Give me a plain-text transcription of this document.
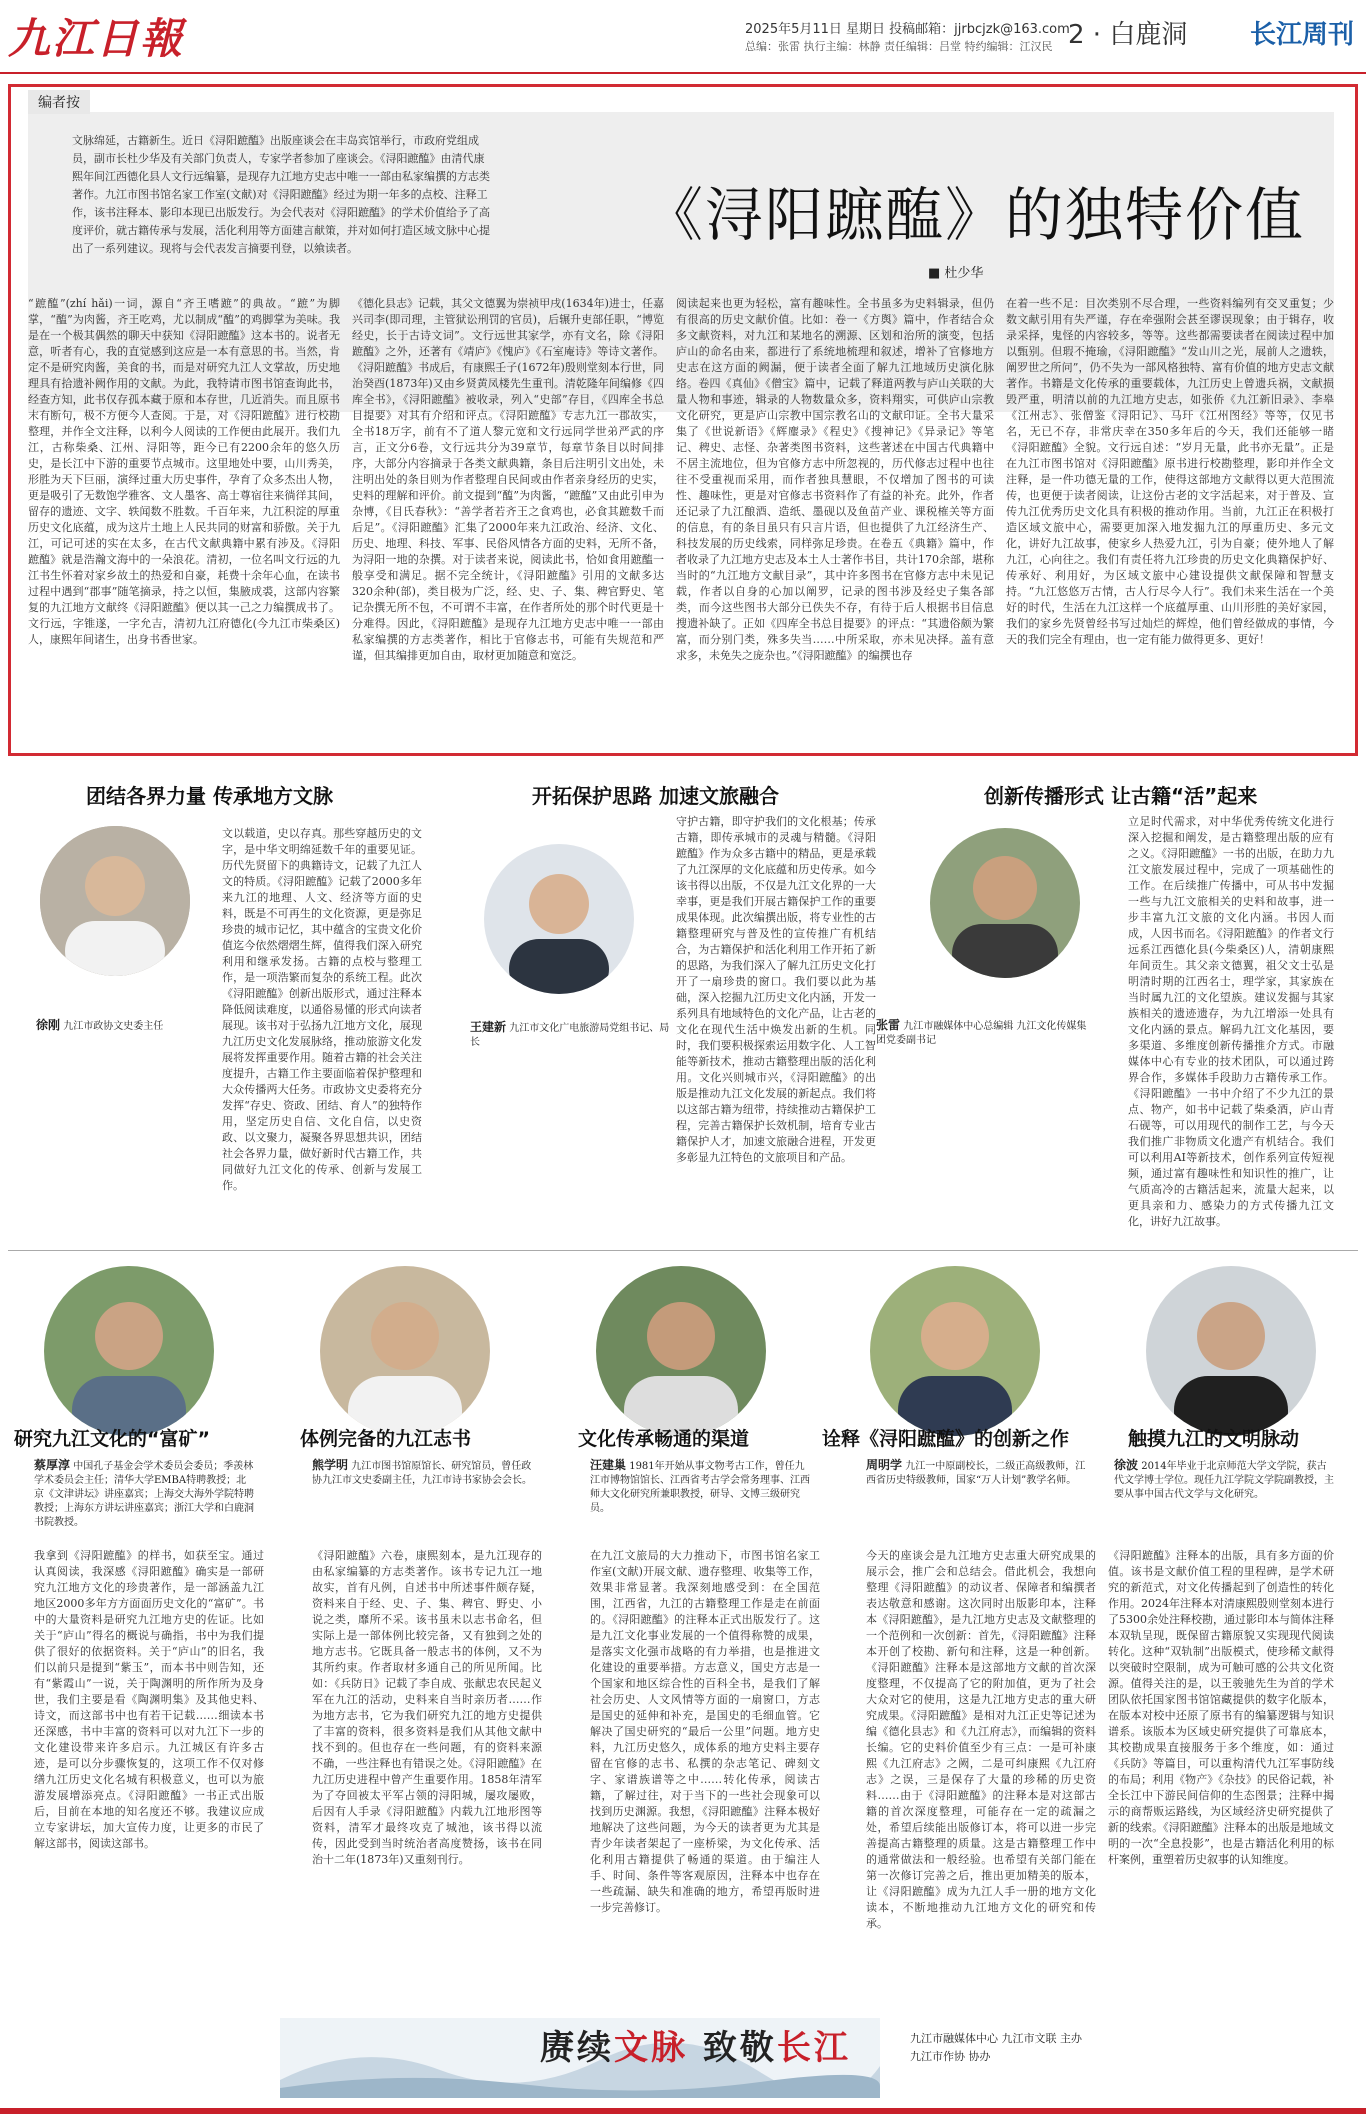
九江日報	2025年5月11日 星期日 投稿邮箱：jjrbcjzk@163.com
总编：张雷 执行主编：林静 责任编辑：吕堂 特约编辑：江汉民 2 · 白鹿洞 长江周刊
编者按
文脉绵延，古籍新生。近日《浔阳蹠醢》出版座谈会在丰岛宾馆举行，市政府党组成员，副市长杜少华及有关部门负责人，专家学者参加了座谈会。《浔阳蹠醢》由清代康熙年间江西德化县人文行远编纂，是现存九江地方史志中唯一一部由私家编撰的方志类著作。九江市图书馆名家工作室(文献)对《浔阳蹠醢》经过为期一年多的点校、注释工作，该书注释本、影印本现已出版发行。为会代表对《浔阳蹠醢》的学术价值给予了高度评价，就古籍传承与发展，活化利用等方面建言献策，并对如何打造区域文脉中心提出了一系列建议。现将与会代表发言摘要刊登，以飨读者。	《浔阳蹠醢》的独特价值
■ 杜少华
“蹠醢”(zhí hǎi)一词，源自“齐王嗜蹠”的典故。“蹠”为脚掌，“醢”为肉酱，齐王吃鸡，尤以制成“醢”的鸡脚掌为美味。我是在一个极其偶然的聊天中获知《浔阳蹠醢》这本书的。说者无意，听者有心，我的直觉感到这应是一本有意思的书。当然，肯定不是研究肉酱，美食的书，而是对研究九江人文掌故，历史地理具有拾遗补阙作用的文献。为此，我特请市图书馆查询此书，经查方知，此书仅存孤本藏于原和本存世，几近消失。而且原书末有断句，极不方便今人查阅。于是，对《浔阳蹠醢》进行校勘整理，并作全文注释，以利今人阅读的工作便由此展开。我们九江，古称柴桑、江州、浔阳等，距今已有2200余年的悠久历史，是长江中下游的重要节点城市。这里地处中要，山川秀美，形胜为天下巨丽，演绎过重大历史事件，孕育了众多杰出人物，更是吸引了无数饱学雅客、文人墨客、高士尊宿往来徜徉其间，留存的遗迹、文字、轶闻数不胜数。千百年来，九江积淀的厚重历史文化底蕴，成为这片土地上人民共同的财富和骄傲。关于九江，可记可述的实在太多，在古代文献典籍中累有涉及。《浔阳蹠醢》就是浩瀚文海中的一朵浪花。清初，一位名叫文行远的九江书生怀着对家乡故土的热爱和自豪，耗费十余年心血，在读书过程中遇到“郡事”随笔摘录，持之以恒，集腋成裘，这部内容繁复的九江地方文献终《浔阳蹠醢》便以其一己之力编撰成书了。文行远，字锥遂，一字允吉，清初九江府德化(今九江市柴桑区)人，康熙年间诸生，出身书香世家。
《德化县志》记载，其父文德翼为崇祯甲戌(1634年)进士，任嘉兴司李(即司理，主管狱讼刑罚的官员)，后辗升吏部任职，“博览经史，长于古诗文词”。文行远世其家学，亦有文名，除《浔阳蹠醢》之外，还著有《靖庐》《愧庐》《石室庵诗》等诗文著作。《浔阳蹠醢》书成后，有康熙壬子(1672年)殷则堂刻本行世，同治癸酉(1873年)又由乡贤黄凤楼先生重刊。清乾隆年间编修《四库全书》，《浔阳蹠醢》被收录，列入“史部”存目，《四库全书总目提要》对其有介绍和评点。《浔阳蹠醢》专志九江一郡故实，全书18万字，前有不了道人黎元宽和文行远同学世弟严武的序言，正文分6卷，文行远共分为39章节，每章节条目以时间排序，大部分内容摘录于各类文献典籍，条目后注明引文出处，未注明出处的条目则为作者整理自民间或由作者亲身经历的史实，史料的理解和评价。前文提到“醢”为肉酱，“蹠醢”又由此引申为杂博，《目氏春秋》：“善学者若齐王之食鸡也，必食其蹠数千而后足”。《浔阳蹠醢》汇集了2000年来九江政治、经济、文化、历史、地理、科技、军事、民俗风情各方面的史料，无所不备，为浔阳一地的杂撰。对于读者来说，阅读此书，恰如食用蹠醢一般享受和满足。据不完全统计，《浔阳蹠醢》引用的文献多达320余种(部)，类目极为广泛，经、史、子、集、稗官野史、笔记杂撰无所不包，不可谓不丰富，在作者所处的那个时代更是十分难得。因此，《浔阳蹠醢》是现存九江地方史志中唯一一部由私家编撰的方志类著作，相比于官修志书，可能有失规范和严谨，但其编排更加自由，取材更加随意和宽泛。
阅读起来也更为轻松，富有趣味性。全书虽多为史料辑录，但仍有很高的历史文献价值。比如：卷一《方舆》篇中，作者结合众多文献资料，对九江和某地名的溯源、区划和治所的演变，包括庐山的命名由来，都进行了系统地梳理和叙述，增补了官修地方史志在这方面的阙漏，便于读者全面了解九江地域历史演化脉络。卷四《真仙》《僧宝》篇中，记载了释道两教与庐山关联的大量人物和事迹，辑录的人物数量众多，资料翔实，可供庐山宗教文化研究，更是庐山宗教中国宗教名山的文献印证。全书大量采集了《世说新语》《辉麈录》《程史》《搜神记》《异录记》等笔记、稗史、志怪、杂著类图书资料，这些著述在中国古代典籍中不居主流地位，但为官修方志中所忽视的，历代修志过程中也往往不受重视而采用，而作者独具慧眼，不仅增加了图书的可读性、趣味性，更是对官修志书资料作了有益的补充。此外，作者还记录了九江酿酒、造纸、墨砚以及鱼苗产业、课税榷关等方面的信息，有的条目虽只有只言片语，但也提供了九江经济生产、科技发展的历史线索，同样弥足珍贵。在卷五《典籍》篇中，作者收录了九江地方史志及本土人士著作书目，共计170余部，堪称当时的“九江地方文献目录”，其中许多图书在官修方志中未见记载，作者以自身的心加以阐罗，记录的图书涉及经史子集各部类，而今这些图书大部分已佚失不存，有待于后人根据书目信息搜遗补缺了。正如《四库全书总目提要》的评点：“其遗俗颇为繁富，而分别门类，殊多失当……中所采取，亦未见决择。盖有意求多，未免失之庞杂也。”《浔阳蹠醢》的编撰也存
在着一些不足：目次类别不尽合理，一些资料编列有交叉重复；少数文献引用有失严谨，存在牵强附会甚至谬误现象；由于辑存，收录采择，鬼怪的内容较多，等等。这些都需要读者在阅读过程中加以甄别。但瑕不掩瑜，《浔阳蹠醢》“发山川之光，展前人之遗轶，阐罗世之所问”，仍不失为一部风格独特、富有价值的地方史志文献著作。书籍是文化传承的重要载体，九江历史上曾遗兵祸，文献损毁严重，明清以前的九江地方史志，如张侨《九江新旧录》、李皋《江州志》、张僧鉴《浔阳记》、马玕《江州图经》等等，仅见书名，无已不存，非常庆幸在350多年后的今天，我们还能够一睹《浔阳蹠醢》全貌。文行远自述：“岁月无量，此书亦无量”。正是在九江市图书馆对《浔阳蹠醢》原书进行校勘整理，影印并作全文注释，是一件功德无量的工作，使得这部地方文献得以更大范围流传，也更便于读者阅读，让这份古老的文字活起来，对于普及、宣传九江优秀历史文化具有积极的推动作用。当前，九江正在积极打造区域文旅中心，需要更加深入地发掘九江的厚重历史、多元文化，讲好九江故事，使家乡人热爱九江，引为自豪；使外地人了解九江，心向往之。我们有责任将九江珍贵的历史文化典籍保护好、传承好、利用好，为区域文旅中心建设提供文献保障和智慧支持。“九江悠悠万古情，古人行尽今人行”。我们未来生活在一个美好的时代，生活在九江这样一个底蕴厚重、山川形胜的美好家园，我们的家乡先贤曾经书写过灿烂的辉煌，他们曾经做成的事情，今天的我们完全有理由，也一定有能力做得更多、更好！
团结各界力量 传承地方文脉
徐刚 九江市政协文史委主任
文以载道，史以存真。那些穿越历史的文字，是中华文明绵延数千年的重要见证。历代先贤留下的典籍诗文，记载了九江人文的特质。《浔阳蹠醢》记载了2000多年来九江的地理、人文、经济等方面的史料，既是不可再生的文化资源，更是弥足珍贵的城市记忆，其中蕴含的宝贵文化价值迄今依然熠熠生辉，值得我们深入研究利用和继承发扬。古籍的点校与整理工作，是一项浩繁而复杂的系统工程。此次《浔阳蹠醢》创新出版形式，通过注释本降低阅读难度，以通俗易懂的形式向读者展现。该书对于弘扬九江地方文化，展现九江历史文化发展脉络，推动旅游文化发展将发挥重要作用。随着古籍的社会关注度提升，古籍工作主要面临着保护整理和大众传播两大任务。市政协文史委将充分发挥“存史、资政、团结、育人”的独特作用，坚定历史自信、文化自信，以史资政、以文聚力，凝聚各界思想共识，团结社会各界力量，做好新时代古籍工作，共同做好九江文化的传承、创新与发展工作。
开拓保护思路 加速文旅融合
王建新 九江市文化广电旅游局党组书记、局长
守护古籍，即守护我们的文化根基；传承古籍，即传承城市的灵魂与精髓。《浔阳蹠醢》作为众多古籍中的精品，更是承载了九江深厚的文化底蕴和历史传承。如今该书得以出版，不仅是九江文化界的一大幸事，更是我们开展古籍保护工作的重要成果体现。此次编撰出版，将专业性的古籍整理研究与普及性的宣传推广有机结合，为古籍保护和活化利用工作开拓了新的思路，为我们深入了解九江历史文化打开了一扇珍贵的窗口。我们要以此为基础，深入挖掘九江历史文化内涵，开发一系列具有地域特色的文化产品，让古老的文化在现代生活中焕发出新的生机。同时，我们要积极探索运用数字化、人工智能等新技术，推动古籍整理出版的活化利用。文化兴则城市兴，《浔阳蹠醢》的出版是推动九江文化发展的新起点。我们将以这部古籍为纽带，持续推动古籍保护工程，完善古籍保护长效机制，培育专业古籍保护人才，加速文旅融合进程，开发更多彰显九江特色的文旅项目和产品。
创新传播形式 让古籍“活”起来
张雷 九江市融媒体中心总编辑 九江文化传媒集团党委副书记
立足时代需求，对中华优秀传统文化进行深入挖掘和阐发，是古籍整理出版的应有之义。《浔阳蹠醢》一书的出版，在助力九江文旅发展过程中，完成了一项基础性的工作。在后续推广传播中，可从书中发掘一些与九江文旅相关的史料和故事，进一步丰富九江文旅的文化内涵。书因人而成，人因书而名。《浔阳蹠醢》的作者文行远系江西德化县(今柴桑区)人，清朝康熙年间贡生。其父亲文德翼，祖父文士弘是明清时期的江西名士，理学家，其家族在当时属九江的文化望族。建议发掘与其家族相关的遗迹遗存，为九江增添一处具有文化内涵的景点。解码九江文化基因，要多渠道、多维度创新传播推介方式。市融媒体中心有专业的技术团队，可以通过跨界合作，多媒体手段助力古籍传承工作。《浔阳蹠醢》一书中介绍了不少九江的景点、物产，如书中记载了柴桑酒，庐山青石砚等，可以用现代的制作工艺，与今天我们推广非物质文化遗产有机结合。我们可以利用AI等新技术，创作系列宣传短视频，通过富有趣味性和知识性的推广，让气质高冷的古籍活起来，流量大起来，以更具亲和力、感染力的方式传播九江文化，讲好九江故事。
研究九江文化的“富矿”	体例完备的九江志书	文化传承畅通的渠道	诠释《浔阳蹠醢》的创新之作	触摸九江的文明脉动
蔡厚淳 中国孔子基金会学术委员会委员；季羡林学术委员会主任；清华大学EMBA特聘教授；北京《文津讲坛》讲座嘉宾；上海交大海外学院特聘教授；上海东方讲坛讲座嘉宾；浙江大学和白鹿洞书院教授。
熊学明 九江市图书馆原馆长、研究馆员，曾任政协九江市文史委副主任，九江市诗书家协会会长。
汪建巢 1981年开始从事文物考古工作，曾任九江市博物馆馆长、江西省考古学会常务理事、江西师大文化研究所兼职教授，研导、文博三级研究员。
周明学 九江一中原副校长，二级正高级教师，江西省历史特级教师，国家“万人计划”教学名师。
徐波 2014年毕业于北京师范大学文学院，获古代文学博士学位。现任九江学院文学院副教授，主要从事中国古代文学与文化研究。
我拿到《浔阳蹠醢》的样书，如获至宝。通过认真阅读，我深感《浔阳蹠醢》确实是一部研究九江地方文化的珍贵著作，是一部涵盖九江地区2000多年方方面面历史文化的“富矿”。书中的大量资料是研究九江地方史的佐证。比如关于“庐山”得名的概说与确指，书中为我们提供了很好的依据资料。关于“庐山”的旧名，我们以前只是提到“紫玉”，而本书中则告知，还有“紫霞山”一说，关于陶渊明的所作所为及身世，我们主要是看《陶渊明集》及其他史料、诗文，而这部书中也有若干记载……细读本书还深感，书中丰富的资料可以对九江下一步的文化建设带来许多启示。九江城区有许多古迹，是可以分步骤恢复的，这项工作不仅对修缮九江历史文化名城有积极意义，也可以为旅游发展增添亮点。《浔阳蹠醢》一书正式出版后，目前在本地的知名度还不够。我建议应成立专家讲坛，加大宣传力度，让更多的市民了解这部书，阅读这部书。
《浔阳蹠醢》六卷，康熙刻本，是九江现存的由私家编纂的方志类著作。该书专记九江一地故实，首有凡例，自述书中所述事件颇存疑，资料来自于经、史、子、集、稗官、野史、小说之类，靡所不采。该书虽未以志书命名，但实际上是一部体例比较完备，又有独到之处的地方志书。它既具备一般志书的体例，又不为其所约束。作者取材多通自己的所见所闻。比如：《兵防日》记载了李自成、张献忠农民起义军在九江的活动，史料来自当时亲历者……作为地方志书，它为我们研究九江的地方史提供了丰富的资料，很多资料是我们从其他文献中找不到的。但也存在一些问题，有的资料来源不确，一些注释也有错误之处。《浔阳蹠醢》在九江历史进程中曾产生重要作用。1858年清军为了夺回被太平军占领的浔阳城，屡攻屡败，后因有人手录《浔阳蹠醢》内载九江地形图等资料，清军才最终攻克了城池，该书得以流传，因此受到当时统治者高度赞扬，该书在同治十二年(1873年)又重刻刊行。
在九江文旅局的大力推动下，市图书馆名家工作室(文献)开展文献、遗存整理、收集等工作，效果非常显著。我深刻地感受到：在全国范围，江西省，九江的古籍整理工作是走在前面的。《浔阳蹠醢》的注释本正式出版发行了。这是九江文化事业发展的一个值得称赞的成果，是落实文化强市战略的有力举措，也是推进文化建设的重要举措。方志意义，国史方志是一个国家和地区综合性的百科全书，是我们了解社会历史、人文风情等方面的一扇窗口，方志是国史的延伸和补充，是国史的毛细血管。它解决了国史研究的“最后一公里”问题。地方史料，九江历史悠久，成体系的地方史料主要存留在官修的志书、私撰的杂志笔记、碑刻文字、家谱族谱等之中……转化传承，阅读古籍，了解过往，对于当下的一些社会现象可以找到历史渊源。我想，《浔阳蹠醢》注释本极好地解决了这些问题，为今天的读者更为尤其是青少年读者架起了一座桥梁，为文化传承、活化利用古籍提供了畅通的渠道。由于编注人手、时间、条件等客观原因，注释本中也存在一些疏漏、缺失和准确的地方，希望再版时进一步完善修订。
今天的座谈会是九江地方史志重大研究成果的展示会，推广会和总结会。借此机会，我想向整理《浔阳蹠醢》的动议者、保障者和编撰者表达敬意和感谢。这次同时出版影印本，注释本《浔阳蹠醢》，是九江地方史志及文献整理的一个范例和一次创新：首先，《浔阳蹠醢》注释本开创了校勘、新句和注释，这是一种创新。《浔阳蹠醢》注释本是这部地方文献的首次深度整理，不仅提高了它的附加值，更为了社会大众对它的使用，这是九江地方史志的重大研究成果。《浔阳蹠醢》是相对九江正史等记述为编《德化县志》和《九江府志》，而编辑的资料长编。它的史料价值至少有三点：一是可补康熙《九江府志》之阙，二是可纠康熙《九江府志》之误，三是保存了大量的珍稀的历史资料……由于《浔阳蹠醢》的注释本是对这部古籍的首次深度整理，可能存在一定的疏漏之处，希望后续能出版修订本，将可以进一步完善提高古籍整理的质量。这是古籍整理工作中的通常做法和一般经验。也希望有关部门能在第一次修订完善之后，推出更加精美的版本，让《浔阳蹠醢》成为九江人手一册的地方文化读本，不断地推动九江地方文化的研究和传承。
《浔阳蹠醢》注释本的出版，具有多方面的价值。该书是文献价值工程的里程碑，是学术研究的新范式，对文化传播起到了创造性的转化作用。2024年注释本对清康熙殷则堂刻本进行了5300余处注释校勘，通过影印本与简体注释本双轨呈现，既保留古籍原貌又实现现代阅读转化。这种“双轨制”出版模式，使珍稀文献得以突破时空限制，成为可触可感的公共文化资源。值得关注的是，以王骏驰先生为首的学术团队依托国家图书馆馆藏提供的数字化版本，在版本对校中还原了原书有的编纂逻辑与知识谱系。该版本为区域史研究提供了可靠底本，其校勘成果直接服务于多个维度，如：通过《兵防》等篇目，可以重构清代九江军事防线的布局；利用《物产》《杂技》的民俗记载，补全长江中下游民间信仰的生态图景；注释中揭示的商帮贩运路线，为区域经济史研究提供了新的线索。《浔阳蹠醢》注释本的出版是地域文明的一次“全息投影”，也是古籍活化利用的标杆案例，重塑着历史叙事的认知维度。
赓续文脉 致敬长江	九江市融媒体中心 九江市文联 主办
九江市作协 协办
